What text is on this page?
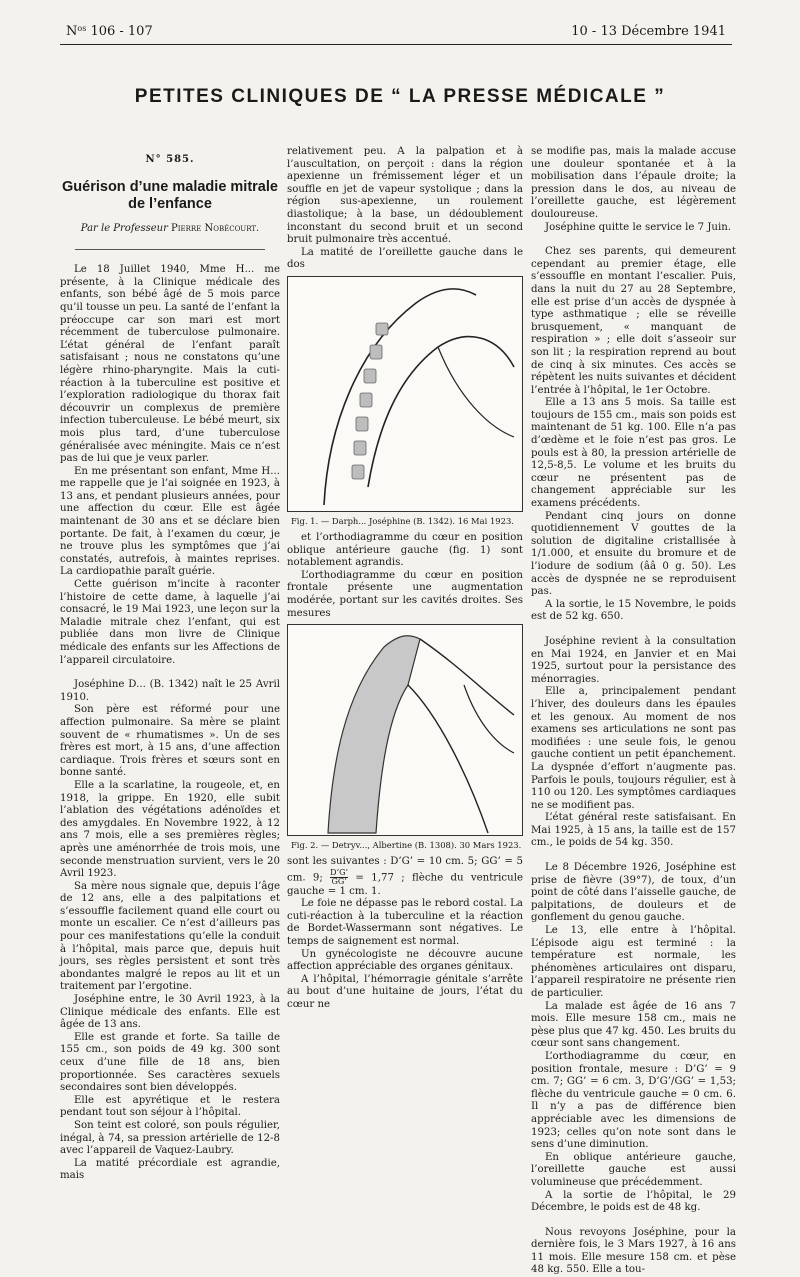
$N^{os}$ 106 - 107	10 - 13 Décembre 1941
PETITES CLINIQUES DE “ LA PRESSE MÉDICALE ”
N° 585.
Guérison d’une maladie mitrale de l’enfance
Par le Professeur Pierre Nobécourt.

Le 18 Juillet 1940, Mme H... me présente, à la Clinique médicale des enfants, son bébé âgé de 5 mois parce qu’il tousse un peu. La santé de l’enfant la préoccupe car son mari est mort récemment de tuberculose pulmonaire. L’état général de l’enfant paraît satisfaisant ; nous ne constatons qu’une légère rhino-pharyngite. Mais la cuti-réaction à la tuberculine est positive et l’exploration radiologique du thorax fait découvrir un complexus de première infection tuberculeuse. Le bébé meurt, six mois plus tard, d’une tuberculose généralisée avec méningite. Mais ce n’est pas de lui que je veux parler.

En me présentant son enfant, Mme H... me rappelle que je l’ai soignée en 1923, à 13 ans, et pendant plusieurs années, pour une affection du cœur. Elle est âgée maintenant de 30 ans et se déclare bien portante. De fait, à l’examen du cœur, je ne trouve plus les symptômes que j’ai constatés, autrefois, à maintes reprises. La cardiopathie paraît guérie.

Cette guérison m’incite à raconter l’histoire de cette dame, à laquelle j’ai consacré, le 19 Mai 1923, une leçon sur la Maladie mitrale chez l’enfant, qui est publiée dans mon livre de Clinique médicale des enfants sur les Affections de l’appareil circulatoire.

Joséphine D... (B. 1342) naît le 25 Avril 1910.

Son père est réformé pour une affection pulmonaire. Sa mère se plaint souvent de « rhumatismes ». Un de ses frères est mort, à 15 ans, d’une affection cardiaque. Trois frères et sœurs sont en bonne santé.

Elle a la scarlatine, la rougeole, et, en 1918, la grippe. En 1920, elle subit l’ablation des végétations adénoïdes et des amygdales. En Novembre 1922, à 12 ans 7 mois, elle a ses premières règles; après une aménorrhée de trois mois, une seconde menstruation survient, vers le 20 Avril 1923.

Sa mère nous signale que, depuis l’âge de 12 ans, elle a des palpitations et s’essouffle facilement quand elle court ou monte un escalier. Ce n’est d’ailleurs pas pour ces manifestations qu’elle la conduit à l’hôpital, mais parce que, depuis huit jours, ses règles persistent et sont très abondantes malgré le repos au lit et un traitement par l’ergotine.

Joséphine entre, le 30 Avril 1923, à la Clinique médicale des enfants. Elle est âgée de 13 ans.

Elle est grande et forte. Sa taille de 155 cm., son poids de 49 kg. 300 sont ceux d’une fille de 18 ans, bien proportionnée. Ses caractères sexuels secondaires sont bien développés.

Elle est apyrétique et le restera pendant tout son séjour à l’hôpital.

Son teint est coloré, son pouls régulier, inégal, à 74, sa pression artérielle de 12-8 avec l’appareil de Vaquez-Laubry.

La matité précordiale est agrandie, mais

relativement peu. A la palpation et à l’auscultation, on perçoit : dans la région apexienne un frémissement léger et un souffle en jet de vapeur systolique ; dans la région sus-apexienne, un roulement diastolique; à la base, un dédoublement inconstant du second bruit et un second bruit pulmonaire très accentué.

La matité de l’oreillette gauche dans le dos

Fig. 1. — Darph... Joséphine (B. 1342). 16 Mai 1923.

et l’orthodiagramme du cœur en position oblique antérieure gauche (fig. 1) sont notablement agrandis.

L’orthodiagramme du cœur en position frontale présente une augmentation modérée, portant sur les cavités droites. Ses mesures

Fig. 2. — Detryv..., Albertine (B. 1308). 30 Mars 1923.

sont les suivantes : D’G’ = 10 cm. 5; GG’ = 5 cm. 9; $\frac{D’G’}{GG’} = 1,77$ ; flèche du ventricule gauche = 1 cm. 1.

Le foie ne dépasse pas le rebord costal. La cuti-réaction à la tuberculine et la réaction de Bordet-Wassermann sont négatives. Le temps de saignement est normal.

Un gynécologiste ne découvre aucune affection appréciable des organes génitaux.

A l’hôpital, l’hémorragie génitale s’arrête au bout d’une huitaine de jours, l’état du cœur ne

se modifie pas, mais la malade accuse une douleur spontanée et à la mobilisation dans l’épaule droite; la pression dans le dos, au niveau de l’oreillette gauche, est légèrement douloureuse.

Joséphine quitte le service le 7 Juin.

Chez ses parents, qui demeurent cependant au premier étage, elle s’essouffle en montant l’escalier. Puis, dans la nuit du 27 au 28 Septembre, elle est prise d’un accès de dyspnée à type asthmatique ; elle se réveille brusquement, « manquant de respiration » ; elle doit s’asseoir sur son lit ; la respiration reprend au bout de cinq à six minutes. Ces accès se répètent les nuits suivantes et décident l’entrée à l’hôpital, le 1er Octobre.

Elle a 13 ans 5 mois. Sa taille est toujours de 155 cm., mais son poids est maintenant de 51 kg. 100. Elle n’a pas d’œdème et le foie n’est pas gros. Le pouls est à 80, la pression artérielle de 12,5-8,5. Le volume et les bruits du cœur ne présentent pas de changement appréciable sur les examens précédents.

Pendant cinq jours on donne quotidiennement V gouttes de la solution de digitaline cristallisée à 1/1.000, et ensuite du bromure et de l’iodure de sodium (ââ 0 g. 50). Les accès de dyspnée ne se reproduisent pas.

A la sortie, le 15 Novembre, le poids est de 52 kg. 650.

Joséphine revient à la consultation en Mai 1924, en Janvier et en Mai 1925, surtout pour la persistance des ménorragies.

Elle a, principalement pendant l’hiver, des douleurs dans les épaules et les genoux. Au moment de nos examens ses articulations ne sont pas modifiées : une seule fois, le genou gauche contient un petit épanchement. La dyspnée d’effort n’augmente pas. Parfois le pouls, toujours régulier, est à 110 ou 120. Les symptômes cardiaques ne se modifient pas.

L’état général reste satisfaisant. En Mai 1925, à 15 ans, la taille est de 157 cm., le poids de 54 kg. 350.

Le 8 Décembre 1926, Joséphine est prise de fièvre (39°7), de toux, d’un point de côté dans l’aisselle gauche, de palpitations, de douleurs et de gonflement du genou gauche.

Le 13, elle entre à l’hôpital. L’épisode aigu est terminé : la température est normale, les phénomènes articulaires ont disparu, l’appareil respiratoire ne présente rien de particulier.

La malade est âgée de 16 ans 7 mois. Elle mesure 158 cm., mais ne pèse plus que 47 kg. 450. Les bruits du cœur sont sans changement.

L’orthodiagramme du cœur, en position frontale, mesure : D’G’ = 9 cm. 7; GG’ = 6 cm. 3, D’G’/GG’ = 1,53; flèche du ventricule gauche = 0 cm. 6. Il n’y a pas de différence bien appréciable avec les dimensions de 1923; celles qu’on note sont dans le sens d’une diminution.

En oblique antérieure gauche, l’oreillette gauche est aussi volumineuse que précédemment.

A la sortie de l’hôpital, le 29 Décembre, le poids est de 48 kg.

Nous revoyons Joséphine, pour la dernière fois, le 3 Mars 1927, à 16 ans 11 mois. Elle mesure 158 cm. et pèse 48 kg. 550. Elle a tou-
